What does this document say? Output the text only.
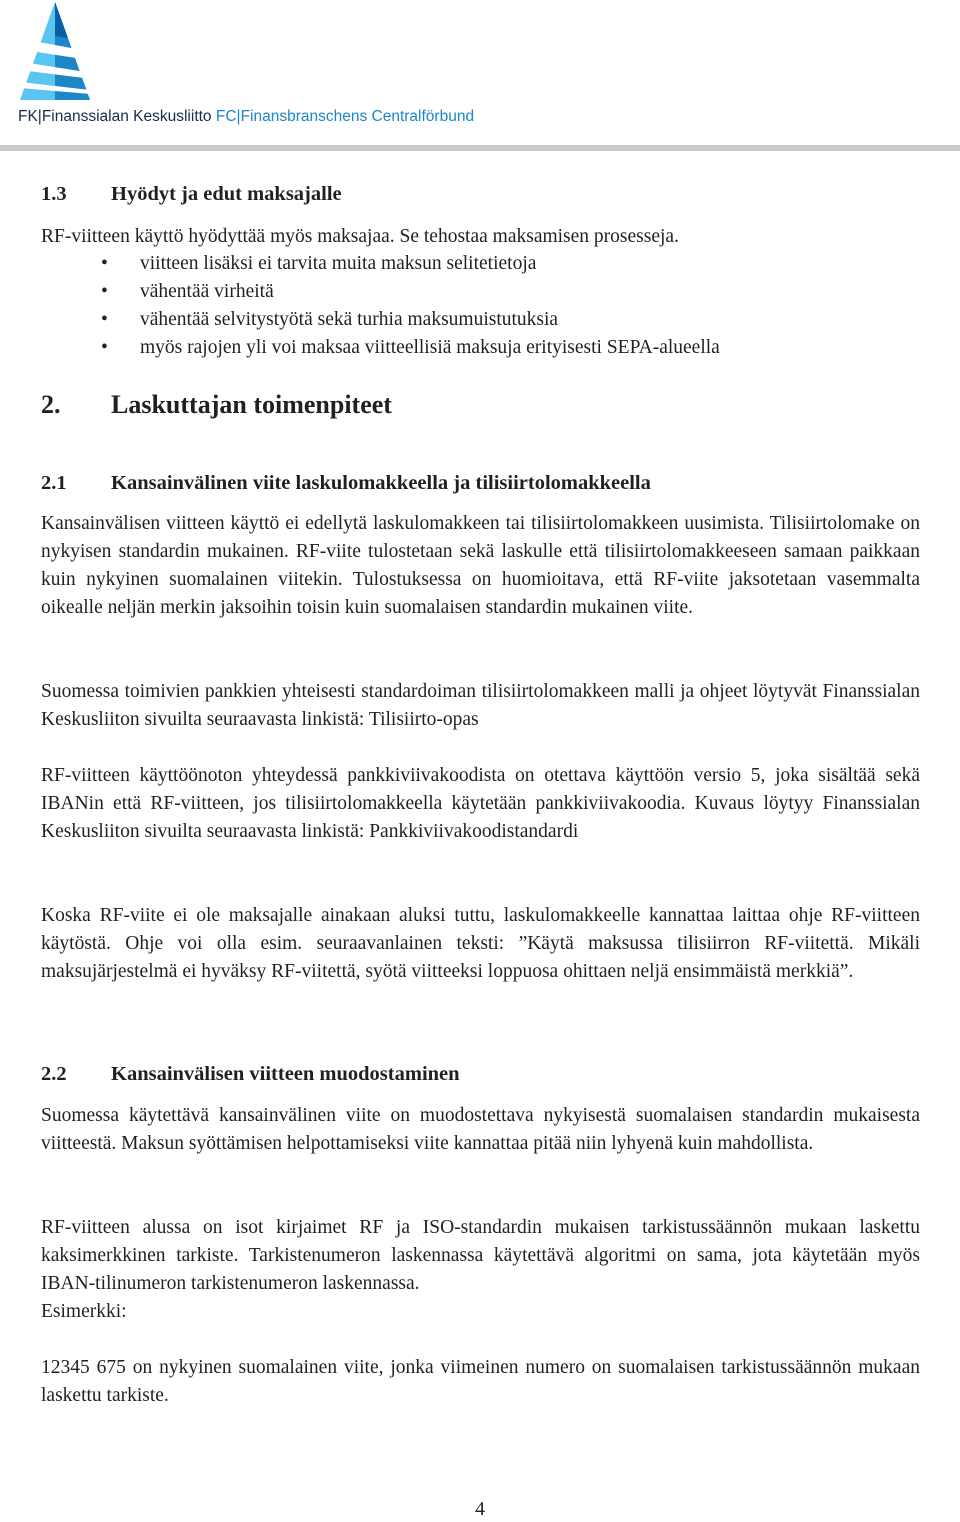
FK|Finanssialan Keskusliitto FC|Finansbranschens Centralförbund
1.3 Hyödyt ja edut maksajalle

RF-viitteen käyttö hyödyttää myös maksajaa. Se tehostaa maksamisen prosesseja.

• viitteen lisäksi ei tarvita muita maksun selitetietoja
• vähentää virheitä
• vähentää selvitystyötä sekä turhia maksumuistutuksia
• myös rajojen yli voi maksaa viitteellisiä maksuja erityisesti SEPA-alueella
2. Laskuttajan toimenpiteet
2.1 Kansainvälinen viite laskulomakkeella ja tilisiirtolomakkeella

Kansainvälisen viitteen käyttö ei edellytä laskulomakkeen tai tilisiirtolomakkeen uusimista. Tilisiirtolomake on nykyisen standardin mukainen. RF-viite tulostetaan sekä laskulle että tilisiirtolomakkeeseen samaan paikkaan kuin nykyinen suomalainen viitekin. Tulostuksessa on huomioitava, että RF-viite jaksotetaan vasemmalta oikealle neljän merkin jaksoihin toisin kuin suomalaisen standardin mukainen viite.

Suomessa toimivien pankkien yhteisesti standardoiman tilisiirtolomakkeen malli ja ohjeet löytyvät Finanssialan Keskusliiton sivuilta seuraavasta linkistä: Tilisiirto-opas

RF-viitteen käyttöönoton yhteydessä pankkiviivakoodista on otettava käyttöön versio 5, joka sisältää sekä IBANin että RF-viitteen, jos tilisiirtolomakkeella käytetään pankkiviivakoodia. Kuvaus löytyy Finanssialan Keskusliiton sivuilta seuraavasta linkistä: Pankkiviivakoodistandardi

Koska RF-viite ei ole maksajalle ainakaan aluksi tuttu, laskulomakkeelle kannattaa laittaa ohje RF-viitteen käytöstä. Ohje voi olla esim. seuraavanlainen teksti: ”Käytä maksussa tilisiirron RF-viitettä. Mikäli maksujärjestelmä ei hyväksy RF-viitettä, syötä viitteeksi loppuosa ohittaen neljä ensimmäistä merkkiä”.

2.2 Kansainvälisen viitteen muodostaminen

Suomessa käytettävä kansainvälinen viite on muodostettava nykyisestä suomalaisen standardin mukaisesta viitteestä. Maksun syöttämisen helpottamiseksi viite kannattaa pitää niin lyhyenä kuin mahdollista.

RF-viitteen alussa on isot kirjaimet RF ja ISO-standardin mukaisen tarkistussäännön mukaan laskettu kaksimerkkinen tarkiste. Tarkistenumeron laskennassa käytettävä algoritmi on sama, jota käytetään myös IBAN-tilinumeron tarkistenumeron laskennassa.

Esimerkki:

12345 675 on nykyinen suomalainen viite, jonka viimeinen numero on suomalaisen tarkistussäännön mukaan laskettu tarkiste.

4
